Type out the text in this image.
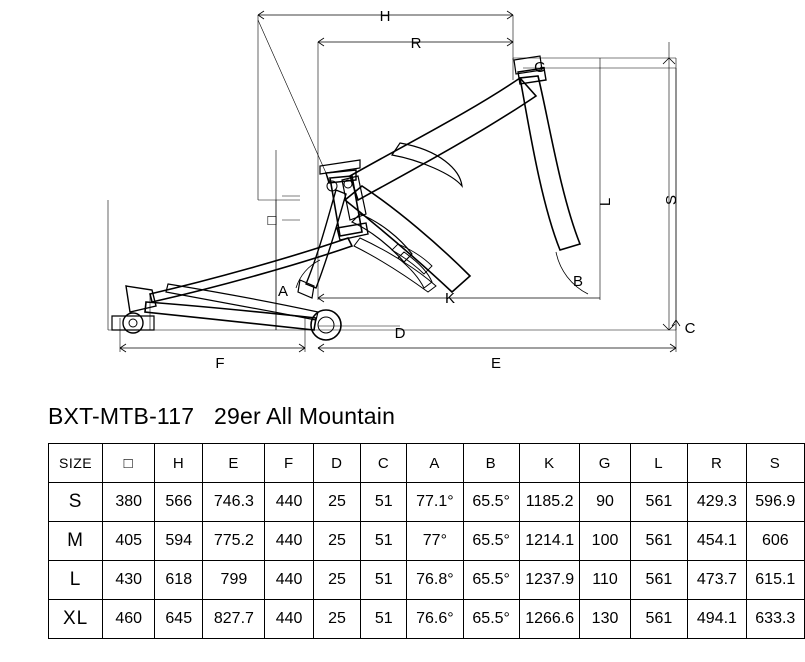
H
R
G
S
L
B
C
A	K
D
E
F
□
BXT-MTB-117   29er All Mountain
SIZE	□	H	E	F	D	C	A	B	K	G	L	R	S
S	380	566	746.3	440	25	51	77.1°	65.5°	1185.2	90	561	429.3	596.9
M	405	594	775.2	440	25	51	77°	65.5°	1214.1	100	561	454.1	606
L	430	618	799	440	25	51	76.8°	65.5°	1237.9	110	561	473.7	615.1
XL	460	645	827.7	440	25	51	76.6°	65.5°	1266.6	130	561	494.1	633.3
